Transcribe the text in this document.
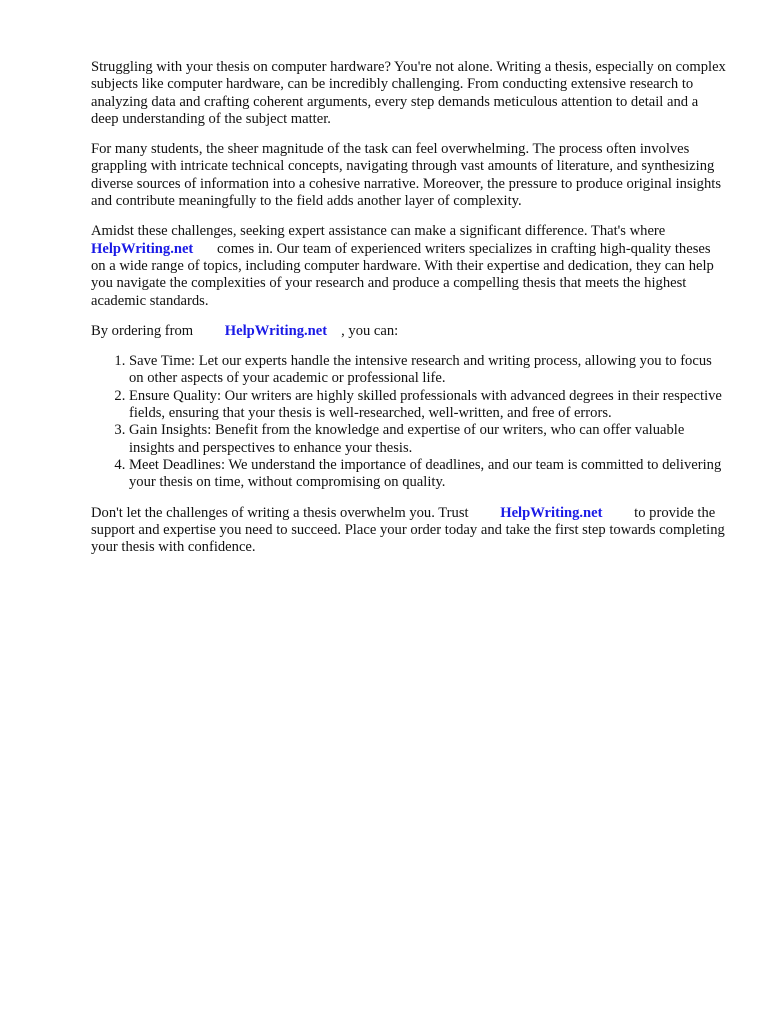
Struggling with your thesis on computer hardware? You're not alone. Writing a thesis, especially on complex subjects like computer hardware, can be incredibly challenging. From conducting extensive research to analyzing data and crafting coherent arguments, every step demands meticulous attention to detail and a deep understanding of the subject matter.

For many students, the sheer magnitude of the task can feel overwhelming. The process often involves grappling with intricate technical concepts, navigating through vast amounts of literature, and synthesizing diverse sources of information into a cohesive narrative. Moreover, the pressure to produce original insights and contribute meaningfully to the field adds another layer of complexity.

Amidst these challenges, seeking expert assistance can make a significant difference. That's where HelpWriting.net comes in. Our team of experienced writers specializes in crafting high-quality theses on a wide range of topics, including computer hardware. With their expertise and dedication, they can help you navigate the complexities of your research and produce a compelling thesis that meets the highest academic standards.

By ordering from HelpWriting.net , you can:

1. Save Time: Let our experts handle the intensive research and writing process, allowing you to focus on other aspects of your academic or professional life.
2. Ensure Quality: Our writers are highly skilled professionals with advanced degrees in their respective fields, ensuring that your thesis is well-researched, well-written, and free of errors.
3. Gain Insights: Benefit from the knowledge and expertise of our writers, who can offer valuable insights and perspectives to enhance your thesis.
4. Meet Deadlines: We understand the importance of deadlines, and our team is committed to delivering your thesis on time, without compromising on quality.

Don't let the challenges of writing a thesis overwhelm you. Trust HelpWriting.net to provide the support and expertise you need to succeed. Place your order today and take the first step towards completing your thesis with confidence.
